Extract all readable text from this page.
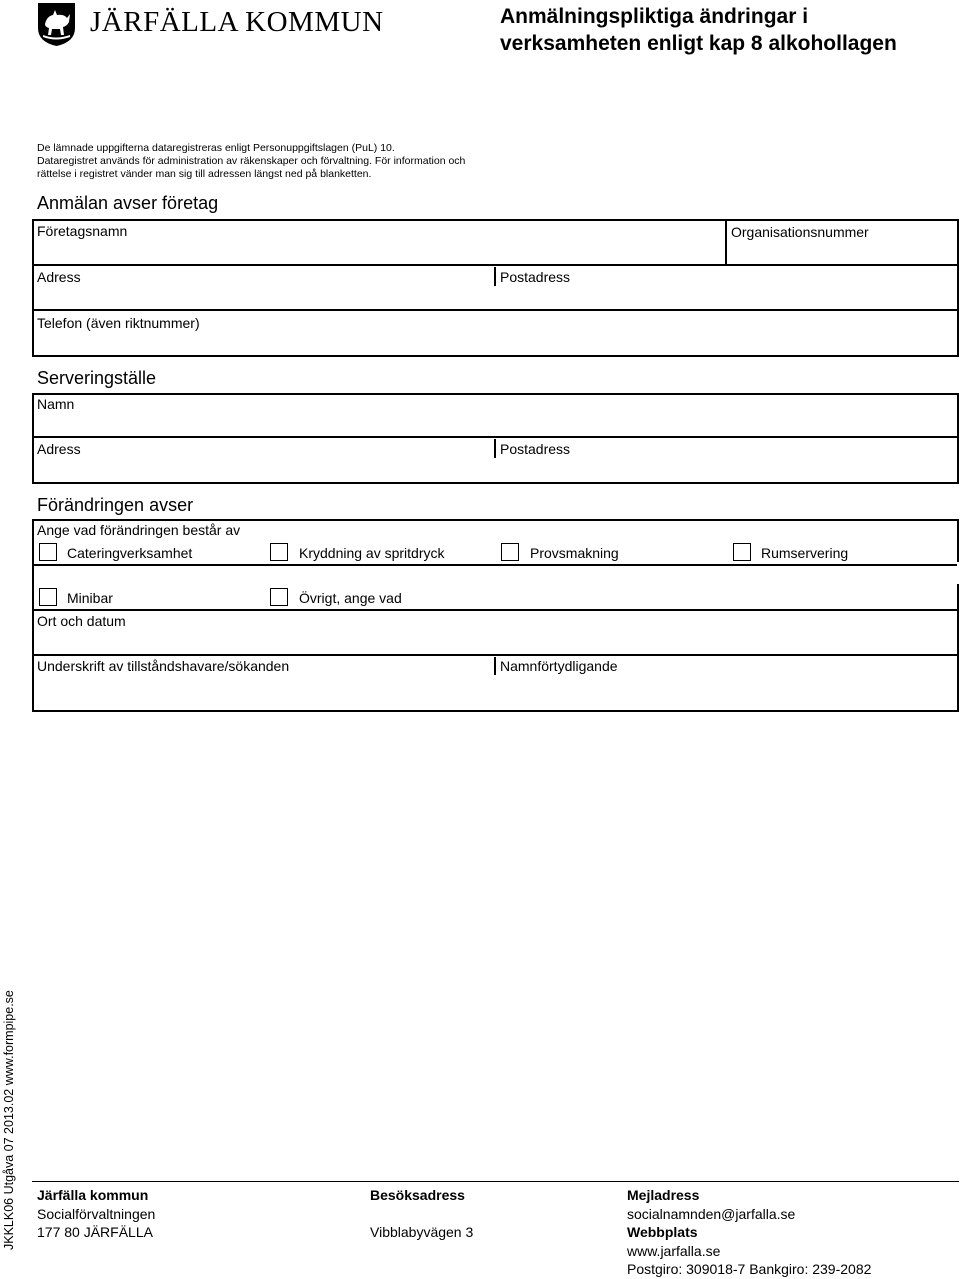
JÄRFÄLLA KOMMUN	Anmälningspliktiga ändringar i
verksamheten enligt kap 8 alkohollagen
De lämnade uppgifterna dataregistreras enligt Personuppgiftslagen (PuL) 10.
Dataregistret används för administration av räkenskaper och förvaltning. För information och
rättelse i registret vänder man sig till adressen längst ned på blanketten.
Anmälan avser företag
Företagsnamn	Organisationsnummer
Adress	Postadress
Telefon (även riktnummer)
Serveringställe
Namn
Adress	Postadress
Förändringen avser
Ange vad förändringen består av
Cateringverksamhet	Kryddning av spritdryck	Provsmakning	Rumservering
Minibar	Övrigt, ange vad
Ort och datum
Underskrift av tillståndshavare/sökanden	Namnförtydligande
JKKLK06 Utgåva 07 2013.02 www.formpipe.se Järfälla kommun
Socialförvaltningen
177 80 JÄRFÄLLA
Besöksadress

Vibblabyvägen 3
Mejladress
socialnamnden@jarfalla.se
Webbplats
www.jarfalla.se
Postgiro: 309018-7 Bankgiro: 239-2082
